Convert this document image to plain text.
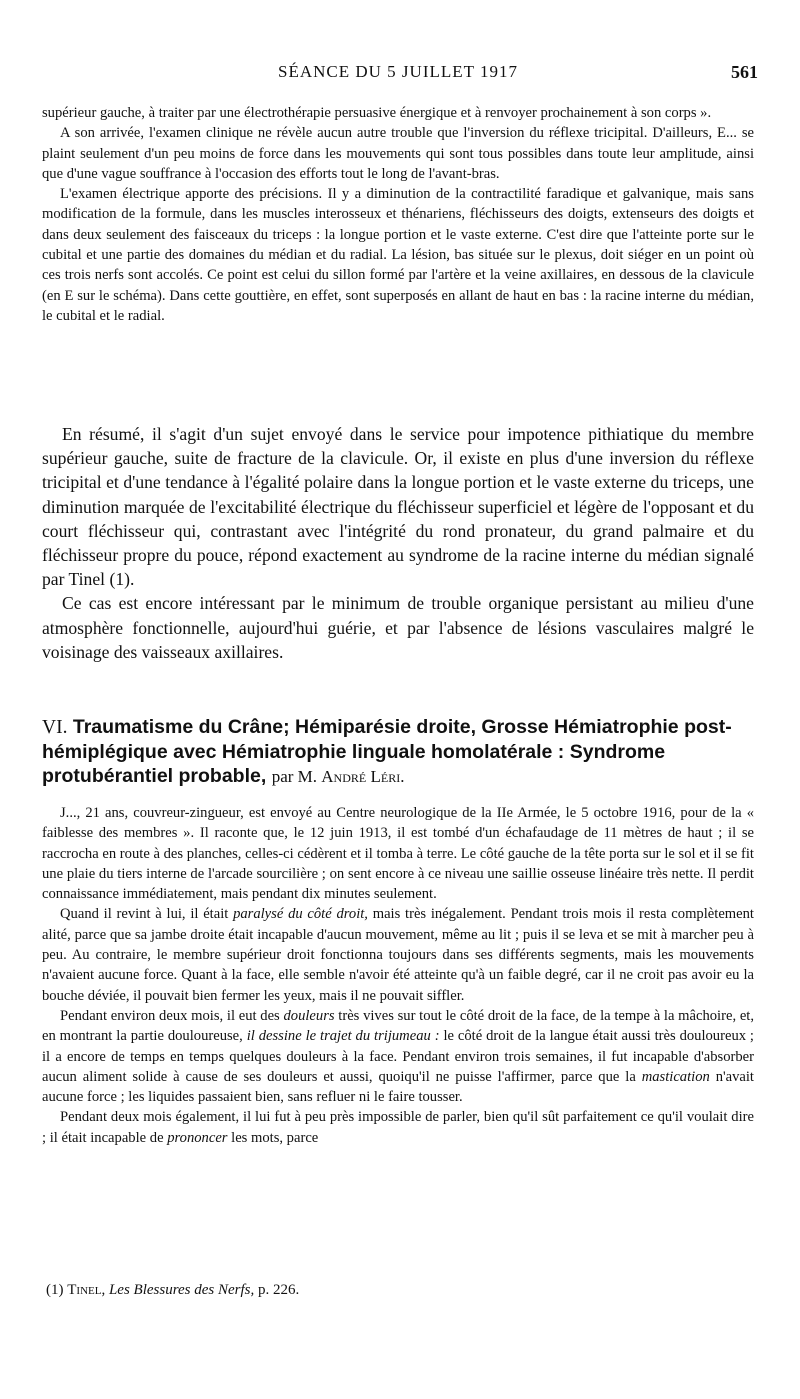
SÉANCE DU 5 JUILLET 1917	561

supérieur gauche, à traiter par une électrothérapie persuasive énergique et à renvoyer prochainement à son corps ».

A son arrivée, l'examen clinique ne révèle aucun autre trouble que l'inversion du réflexe tricipital. D'ailleurs, E... se plaint seulement d'un peu moins de force dans les mouvements qui sont tous possibles dans toute leur amplitude, ainsi que d'une vague souffrance à l'occasion des efforts tout le long de l'avant-bras.

L'examen électrique apporte des précisions. Il y a diminution de la contractilité faradique et galvanique, mais sans modification de la formule, dans les muscles interosseux et thénariens, fléchisseurs des doigts, extenseurs des doigts et dans deux seulement des faisceaux du triceps : la longue portion et le vaste externe. C'est dire que l'atteinte porte sur le cubital et une partie des domaines du médian et du radial. La lésion, bas située sur le plexus, doit siéger en un point où ces trois nerfs sont accolés. Ce point est celui du sillon formé par l'artère et la veine axillaires, en dessous de la clavicule (en E sur le schéma). Dans cette gouttière, en effet, sont superposés en allant de haut en bas : la racine interne du médian, le cubital et le radial.

En résumé, il s'agit d'un sujet envoyé dans le service pour impotence pithiatique du membre supérieur gauche, suite de fracture de la clavicule. Or, il existe en plus d'une inversion du réflexe tricipital et d'une tendance à l'égalité polaire dans la longue portion et le vaste externe du triceps, une diminution marquée de l'excitabilité électrique du fléchisseur superficiel et légère de l'opposant et du court fléchisseur qui, contrastant avec l'intégrité du rond pronateur, du grand palmaire et du fléchisseur propre du pouce, répond exactement au syndrome de la racine interne du médian signalé par Tinel (1).

Ce cas est encore intéressant par le minimum de trouble organique persistant au milieu d'une atmosphère fonctionnelle, aujourd'hui guérie, et par l'absence de lésions vasculaires malgré le voisinage des vaisseaux axillaires.

VI. Traumatisme du Crâne; Hémiparésie droite, Grosse Hémiatrophie post-hémiplégique avec Hémiatrophie linguale homolatérale : Syndrome protubérantiel probable, par M. André Léri.

J..., 21 ans, couvreur-zingueur, est envoyé au Centre neurologique de la IIe Armée, le 5 octobre 1916, pour de la « faiblesse des membres ». Il raconte que, le 12 juin 1913, il est tombé d'un échafaudage de 11 mètres de haut ; il se raccrocha en route à des planches, celles-ci cédèrent et il tomba à terre. Le côté gauche de la tête porta sur le sol et il se fit une plaie du tiers interne de l'arcade sourcilière ; on sent encore à ce niveau une saillie osseuse linéaire très nette. Il perdit connaissance immédiatement, mais pendant dix minutes seulement.

Quand il revint à lui, il était paralysé du côté droit, mais très inégalement. Pendant trois mois il resta complètement alité, parce que sa jambe droite était incapable d'aucun mouvement, même au lit ; puis il se leva et se mit à marcher peu à peu. Au contraire, le membre supérieur droit fonctionna toujours dans ses différents segments, mais les mouvements n'avaient aucune force. Quant à la face, elle semble n'avoir été atteinte qu'à un faible degré, car il ne croit pas avoir eu la bouche déviée, il pouvait bien fermer les yeux, mais il ne pouvait siffler.

Pendant environ deux mois, il eut des douleurs très vives sur tout le côté droit de la face, de la tempe à la mâchoire, et, en montrant la partie douloureuse, il dessine le trajet du trijumeau : le côté droit de la langue était aussi très douloureux ; il a encore de temps en temps quelques douleurs à la face. Pendant environ trois semaines, il fut incapable d'absorber aucun aliment solide à cause de ses douleurs et aussi, quoiqu'il ne puisse l'affirmer, parce que la mastication n'avait aucune force ; les liquides passaient bien, sans refluer ni le faire tousser.

Pendant deux mois également, il lui fut à peu près impossible de parler, bien qu'il sût parfaitement ce qu'il voulait dire ; il était incapable de prononcer les mots, parce

(1) Tinel, Les Blessures des Nerfs, p. 226.
